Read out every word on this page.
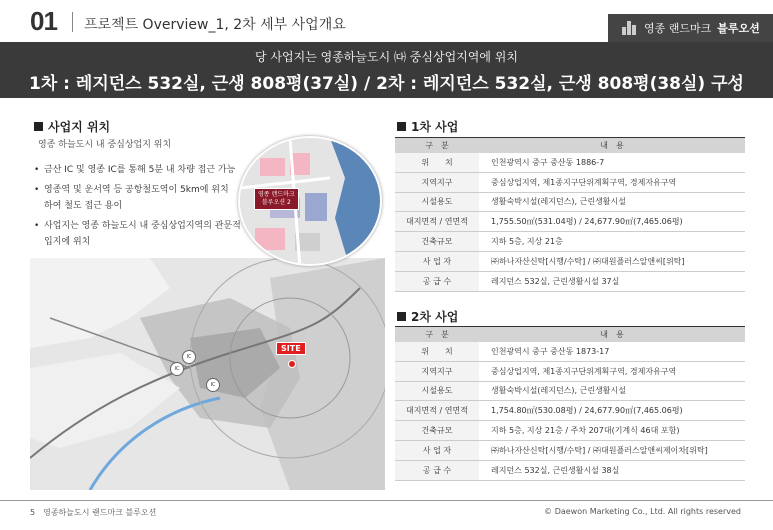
01 프로젝트 Overview_1, 2차 세부 사업개요	영종 랜드마크 블루오션
당 사업지는 영종하늘도시 ㈐ 중심상업지역에 위치
1차 : 레지던스 532실, 근생 808평(37실) / 2차 : 레지던스 532실, 근생 808평(38실) 구성
사업지 위치
영종 하늘도시 내 중심상업지 위치
• 금산 IC 및 영종 IC를 통해 5분 내 차량 접근 가능
• 영종역 및 운서역 등 공항철도역이 5km에 위치
하여 철도 접근 용이
• 사업지는 영종 하늘도시 내 중심상업지역의 관문적
입지에 위치
IC
IC
IC
SITE
영종 랜드마크
블루오션 2
1차 사업
구　분	내　용
위　　치	인천광역시 중구 중산동 1886-7
지역지구	중심상업지역, 제1종지구단위계획구역, 경제자유구역
시설용도	생활숙박시설(레지던스), 근린생활시설
대지면적 / 연면적	1,755.50㎡(531.04평) / 24,677.90㎡(7,465.06평)
건축규모	지하 5층, 지상 21층
사 업 자	㈜하나자산신탁[시행/수탁] / ㈜대원플러스알앤씨[위탁]
공 급 수	레지던스 532실, 근린생활시설 37실
2차 사업
구　분	내　용
위　　치	인천광역시 중구 중산동 1873-17
지역지구	중심상업지역, 제1종지구단위계획구역, 경제자유구역
시설용도	생활숙박시설(레지던스), 근린생활시설
대지면적 / 연면적	1,754.80㎡(530.08평) / 24,677.90㎡(7,465.06평)
건축규모	지하 5층, 지상 21층 / 주차 207대(기계식 46대 포함)
사 업 자	㈜하나자산신탁[시행/수탁] / ㈜대원플러스알앤씨제이차[위탁]
공 급 수	레지던스 532실, 근린생활시설 38실
5　영종하늘도시 랜드마크 블루오션	© Daewon Marketing Co., Ltd. All rights reserved
